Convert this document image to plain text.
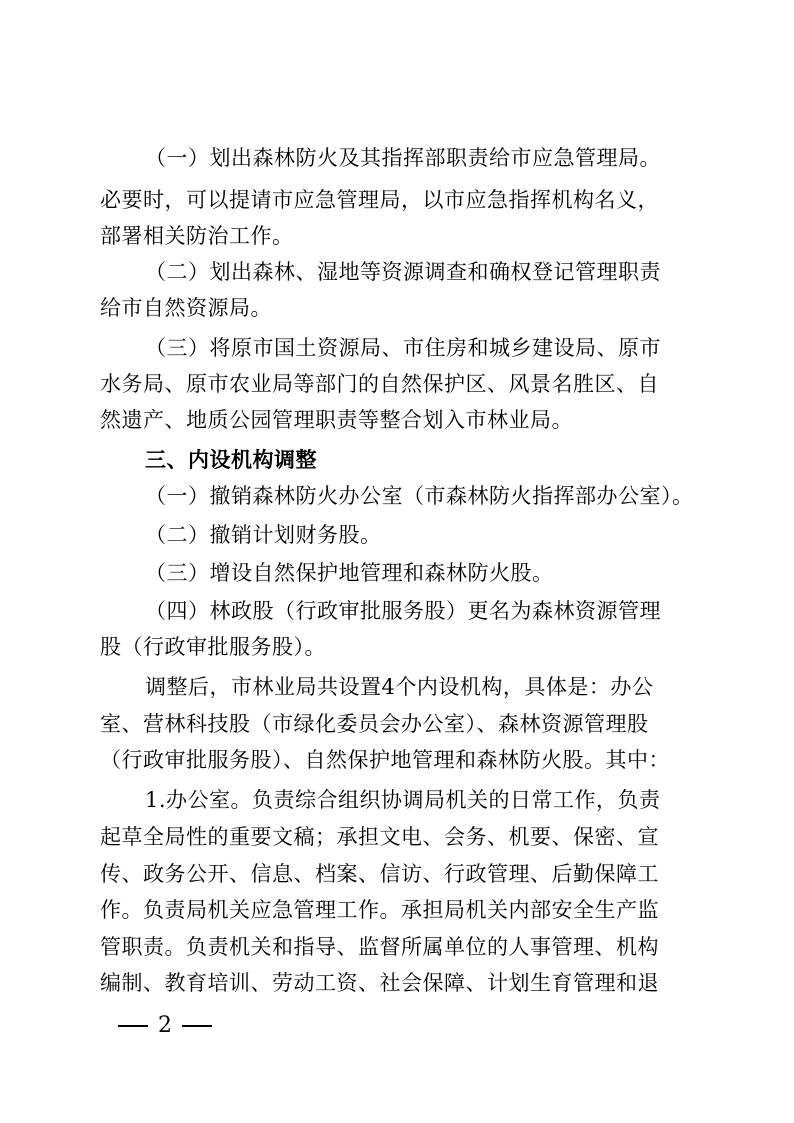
（一）划出森林防火及其指挥部职责给市应急管理局。
必要时，可以提请市应急管理局，以市应急指挥机构名义，
部署相关防治工作。
（二）划出森林、湿地等资源调查和确权登记管理职责
给市自然资源局。
（三）将原市国土资源局、市住房和城乡建设局、原市
水务局、原市农业局等部门的自然保护区、风景名胜区、自
然遗产、地质公园管理职责等整合划入市林业局。
三、内设机构调整
（一）撤销森林防火办公室（市森林防火指挥部办公室）。
（二）撤销计划财务股。
（三）增设自然保护地管理和森林防火股。
（四）林政股（行政审批服务股）更名为森林资源管理
股（行政审批服务股）。
调整后，市林业局共设置4个内设机构，具体是：办公
室、营林科技股（市绿化委员会办公室）、森林资源管理股
（行政审批服务股）、自然保护地管理和森林防火股。其中：
1.办公室。负责综合组织协调局机关的日常工作，负责
起草全局性的重要文稿；承担文电、会务、机要、保密、宣
传、政务公开、信息、档案、信访、行政管理、后勤保障工
作。负责局机关应急管理工作。承担局机关内部安全生产监
管职责。负责机关和指导、监督所属单位的人事管理、机构
编制、教育培训、劳动工资、社会保障、计划生育管理和退
2
